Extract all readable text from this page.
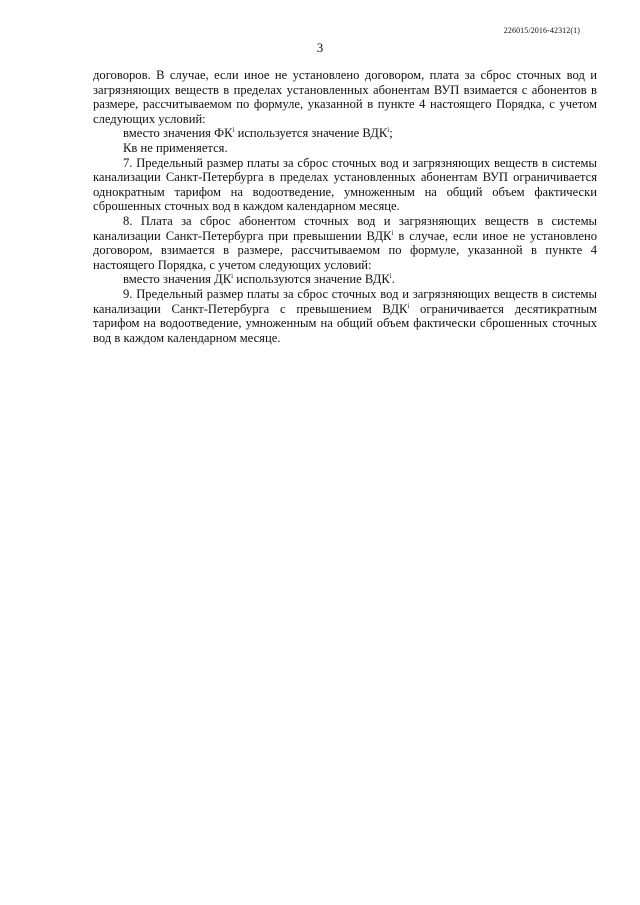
226015/2016-42312(1)
3

договоров. В случае, если иное не установлено договором, плата за сброс сточных вод и загрязняющих веществ в пределах установленных абонентам ВУП взимается с абонентов в размере, рассчитываемом по формуле, указанной в пункте 4 настоящего Порядка, с учетом следующих условий:

вместо значения $ФК^i$ используется значение ВДК$^i$;

Кв не применяется.

7. Предельный размер платы за сброс сточных вод и загрязняющих веществ в системы канализации Санкт-Петербурга в пределах установленных абонентам ВУП ограничивается однократным тарифом на водоотведение, умноженным на общий объем фактически сброшенных сточных вод в каждом календарном месяце.

8. Плата за сброс абонентом сточных вод и загрязняющих веществ в системы канализации Санкт-Петербурга при превышении ВДК$^i$ в случае, если иное не установлено договором, взимается в размере, рассчитываемом по формуле, указанной в пункте 4 настоящего Порядка, с учетом следующих условий:

вместо значения $ДК^i$ используются значение ВДК$^i$.

9. Предельный размер платы за сброс сточных вод и загрязняющих веществ в системы канализации Санкт-Петербурга с превышением ВДК$^i$ ограничивается десятикратным тарифом на водоотведение, умноженным на общий объем фактически сброшенных сточных вод в каждом календарном месяце.
